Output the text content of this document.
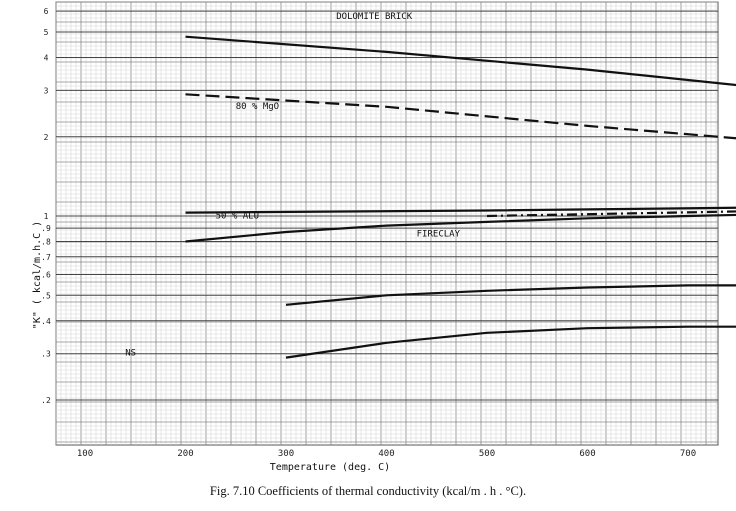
100	200	300	400	500	600	700
6
5
4
3
2
1
.9
.8
.7
.6
.5
.4
.3
.2
DOLOMITE BRICK
80 % MgO
50 % ALU
FIRECLAY
NS
Temperature (deg. C)
"K" ( kcal/m.h.C )
Fig. 7.10 Coefficients of thermal conductivity (kcal/m . h . °C).
